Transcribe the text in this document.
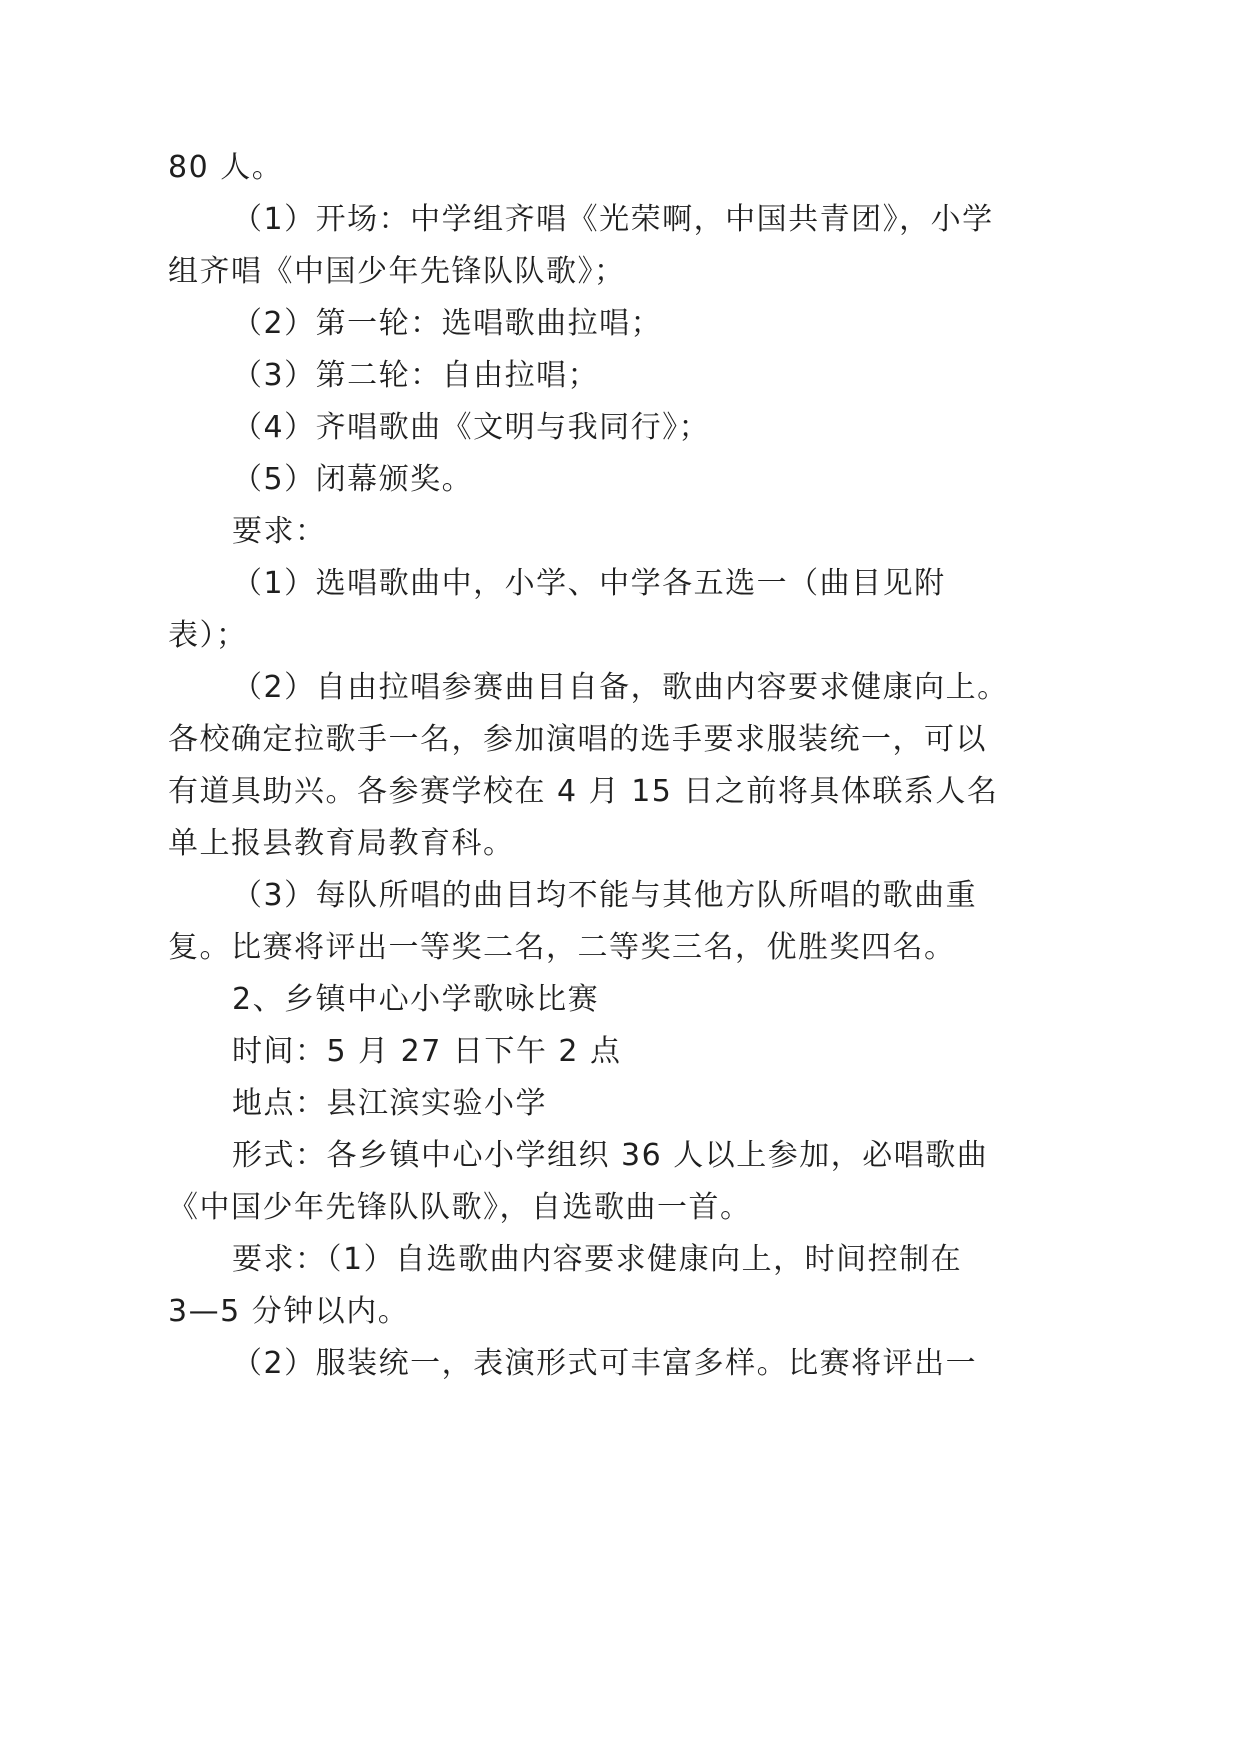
80 人。
（1）开场：中学组齐唱《光荣啊，中国共青团》，小学
组齐唱《中国少年先锋队队歌》；
（2）第一轮：选唱歌曲拉唱；
（3）第二轮：自由拉唱；
（4）齐唱歌曲《文明与我同行》；
（5）闭幕颁奖。
要求：
（1）选唱歌曲中，小学、中学各五选一（曲目见附
表）；
（2）自由拉唱参赛曲目自备，歌曲内容要求健康向上。
各校确定拉歌手一名，参加演唱的选手要求服装统一，可以
有道具助兴。各参赛学校在 4 月 15 日之前将具体联系人名
单上报县教育局教育科。
（3）每队所唱的曲目均不能与其他方队所唱的歌曲重
复。比赛将评出一等奖二名，二等奖三名，优胜奖四名。
2、乡镇中心小学歌咏比赛
时间：5 月 27 日下午 2 点
地点：县江滨实验小学
形式：各乡镇中心小学组织 36 人以上参加，必唱歌曲
《中国少年先锋队队歌》，自选歌曲一首。
要求：（1）自选歌曲内容要求健康向上，时间控制在
3—5 分钟以内。
（2）服装统一，表演形式可丰富多样。比赛将评出一
